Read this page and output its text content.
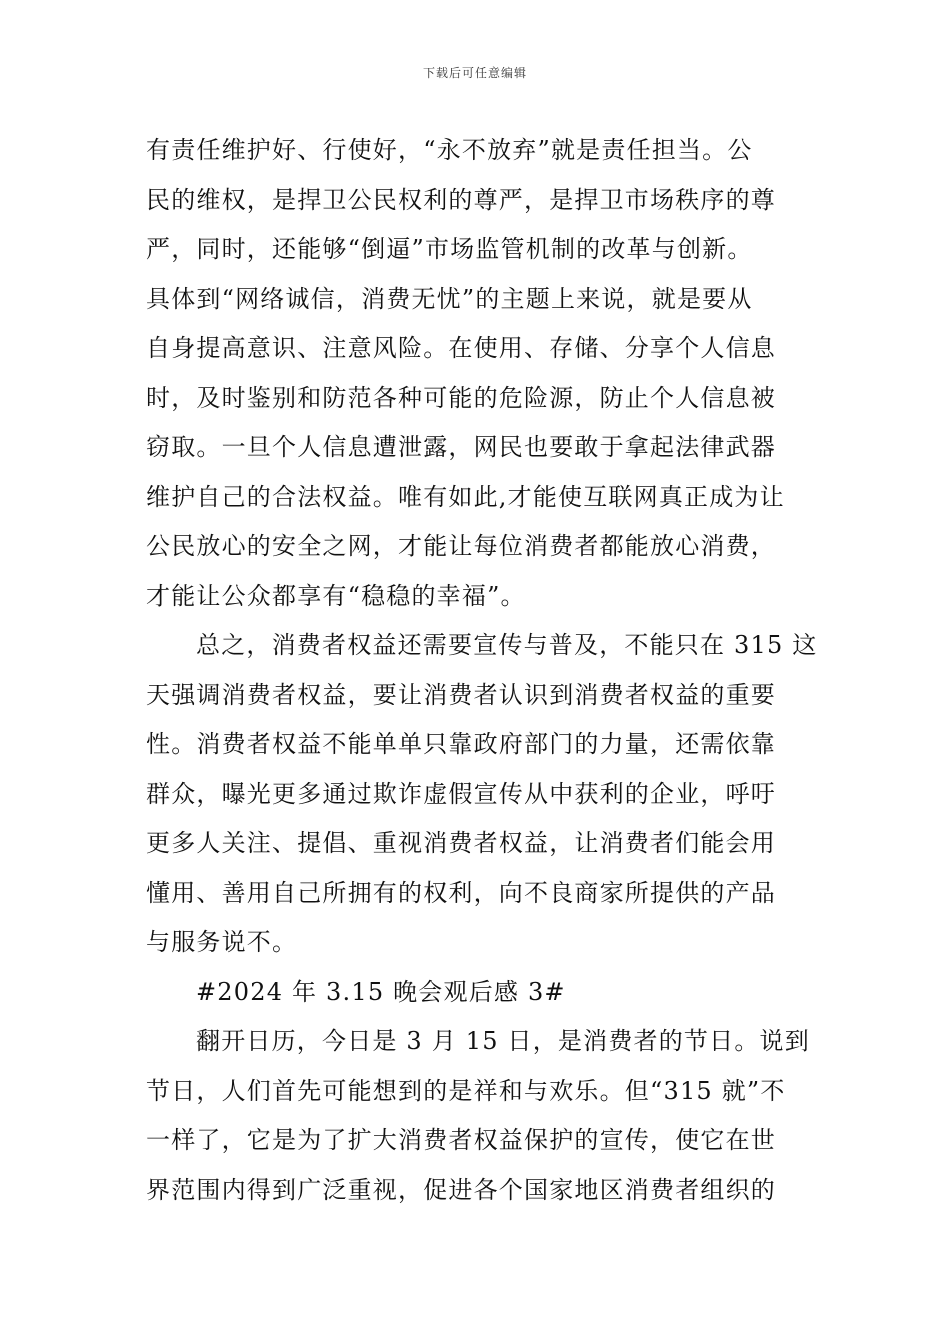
下载后可任意编辑
有责任维护好、行使好，“永不放弃”就是责任担当。公
民的维权，是捍卫公民权利的尊严，是捍卫市场秩序的尊
严，同时，还能够“倒逼”市场监管机制的改革与创新。
具体到“网络诚信，消费无忧”的主题上来说，就是要从
自身提高意识、注意风险。在使用、存储、分享个人信息
时，及时鉴别和防范各种可能的危险源，防止个人信息被
窃取。一旦个人信息遭泄露，网民也要敢于拿起法律武器
维护自己的合法权益。唯有如此,才能使互联网真正成为让
公民放心的安全之网，才能让每位消费者都能放心消费，
才能让公众都享有“稳稳的幸福”。
总之，消费者权益还需要宣传与普及，不能只在 315 这
天强调消费者权益，要让消费者认识到消费者权益的重要
性。消费者权益不能单单只靠政府部门的力量，还需依靠
群众，曝光更多通过欺诈虚假宣传从中获利的企业，呼吁
更多人关注、提倡、重视消费者权益，让消费者们能会用
懂用、善用自己所拥有的权利，向不良商家所提供的产品
与服务说不。
#2024 年 3.15 晚会观后感 3#
翻开日历，今日是 3 月 15 日，是消费者的节日。说到
节日，人们首先可能想到的是祥和与欢乐。但“315 就”不
一样了，它是为了扩大消费者权益保护的宣传，使它在世
界范围内得到广泛重视，促进各个国家地区消费者组织的
